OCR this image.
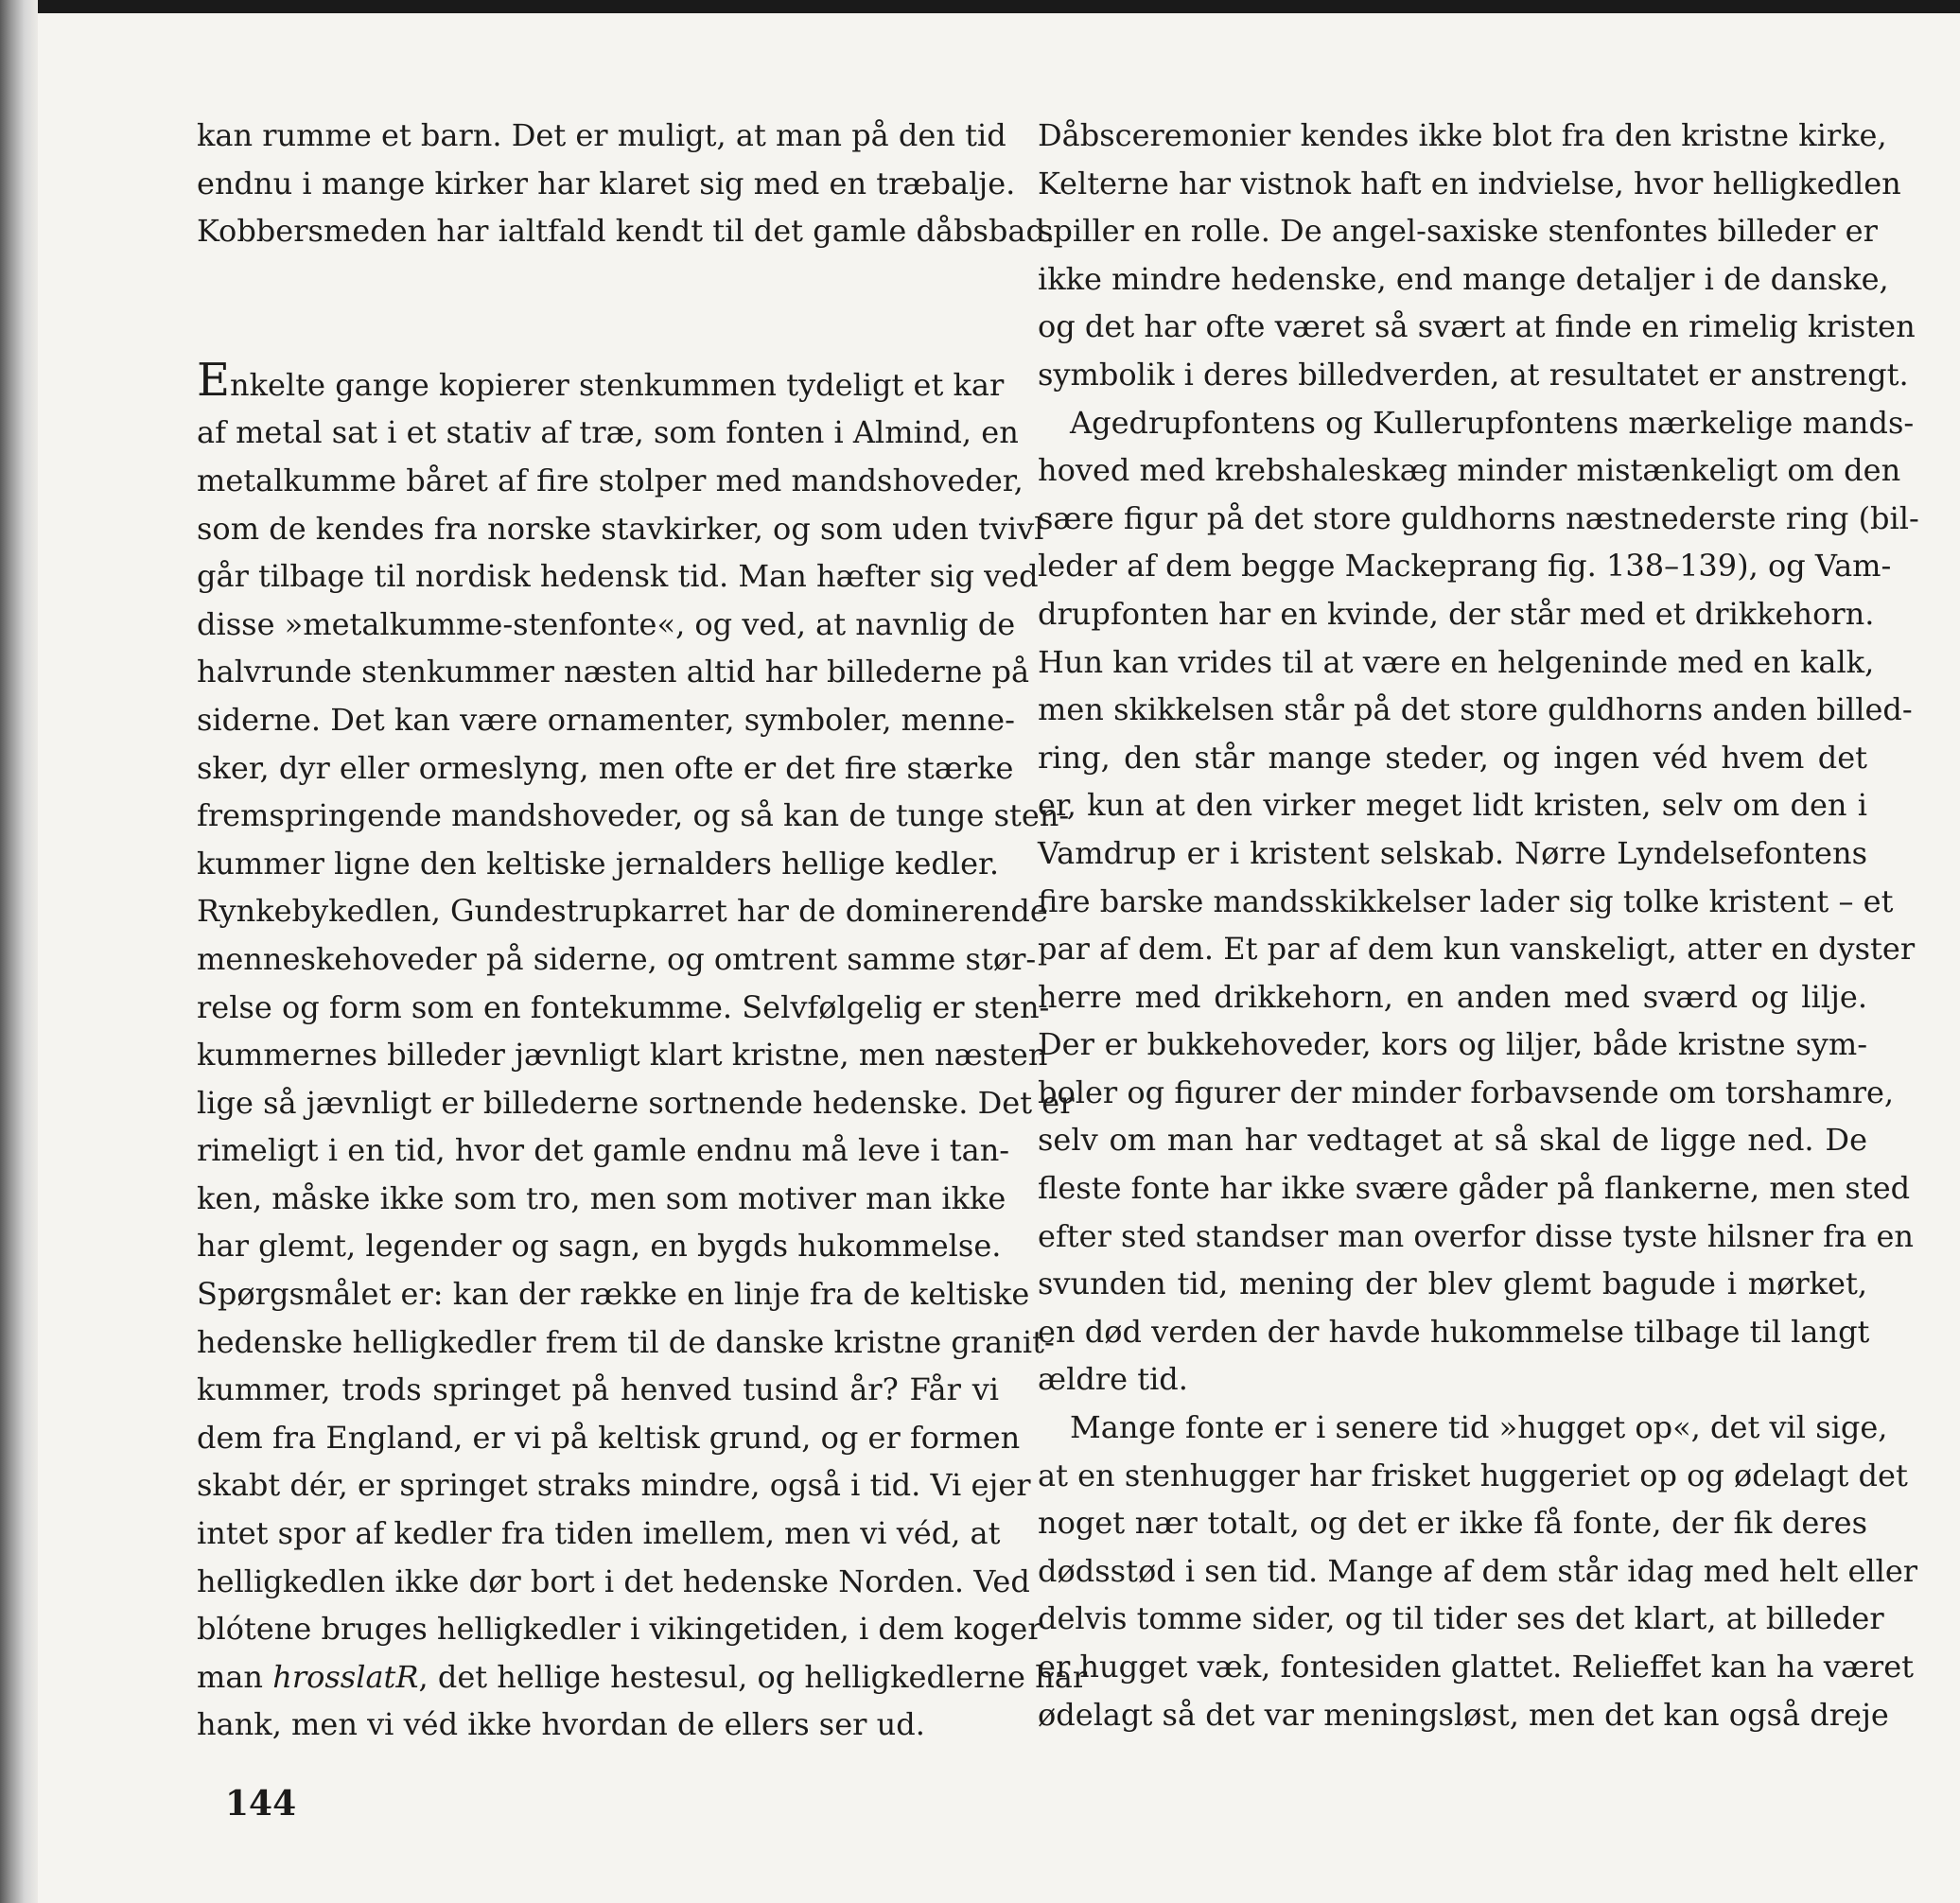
kan rumme et barn. Det er muligt, at man på den tid
endnu i mange kirker har klaret sig med en træbalje.
Kobbersmeden har ialtfald kendt til det gamle dåbsbad.
Enkelte gange kopierer stenkummen tydeligt et kar
af metal sat i et stativ af træ, som fonten i Almind, en
metalkumme båret af fire stolper med mandshoveder,
som de kendes fra norske stavkirker, og som uden tvivl
går tilbage til nordisk hedensk tid. Man hæfter sig ved
disse »metalkumme-stenfonte«, og ved, at navnlig de
halvrunde stenkummer næsten altid har billederne på
siderne. Det kan være ornamenter, symboler, menne-
sker, dyr eller ormeslyng, men ofte er det fire stærke
fremspringende mandshoveder, og så kan de tunge sten-
kummer ligne den keltiske jernalders hellige kedler.
Rynkebykedlen, Gundestrupkarret har de dominerende
menneskehoveder på siderne, og omtrent samme stør-
relse og form som en fontekumme. Selvfølgelig er sten-
kummernes billeder jævnligt klart kristne, men næsten
lige så jævnligt er billederne sortnende hedenske. Det er
rimeligt i en tid, hvor det gamle endnu må leve i tan-
ken, måske ikke som tro, men som motiver man ikke
har glemt, legender og sagn, en bygds hukommelse.
Spørgsmålet er: kan der række en linje fra de keltiske
hedenske helligkedler frem til de danske kristne granit-
kummer, trods springet på henved tusind år? Får vi
dem fra England, er vi på keltisk grund, og er formen
skabt dér, er springet straks mindre, også i tid. Vi ejer
intet spor af kedler fra tiden imellem, men vi véd, at
helligkedlen ikke dør bort i det hedenske Norden. Ved
blótene bruges helligkedler i vikingetiden, i dem koger
man hrosslatR, det hellige hestesul, og helligkedlerne har
hank, men vi véd ikke hvordan de ellers ser ud.
Dåbsceremonier kendes ikke blot fra den kristne kirke,
Kelterne har vistnok haft en indvielse, hvor helligkedlen
spiller en rolle. De angel-saxiske stenfontes billeder er
ikke mindre hedenske, end mange detaljer i de danske,
og det har ofte været så svært at finde en rimelig kristen
symbolik i deres billedverden, at resultatet er anstrengt.
Agedrupfontens og Kullerupfontens mærkelige mands-
hoved med krebshaleskæg minder mistænkeligt om den
sære figur på det store guldhorns næstnederste ring (bil-
leder af dem begge Mackeprang fig. 138–139), og Vam-
drupfonten har en kvinde, der står med et drikkehorn.
Hun kan vrides til at være en helgeninde med en kalk,
men skikkelsen står på det store guldhorns anden billed-
ring, den står mange steder, og ingen véd hvem det
er, kun at den virker meget lidt kristen, selv om den i
Vamdrup er i kristent selskab. Nørre Lyndelsefontens
fire barske mandsskikkelser lader sig tolke kristent – et
par af dem. Et par af dem kun vanskeligt, atter en dyster
herre med drikkehorn, en anden med sværd og lilje.
Der er bukkehoveder, kors og liljer, både kristne sym-
boler og figurer der minder forbavsende om torshamre,
selv om man har vedtaget at så skal de ligge ned. De
fleste fonte har ikke svære gåder på flankerne, men sted
efter sted standser man overfor disse tyste hilsner fra en
svunden tid, mening der blev glemt bagude i mørket,
en død verden der havde hukommelse tilbage til langt
ældre tid.
Mange fonte er i senere tid »hugget op«, det vil sige,
at en stenhugger har frisket huggeriet op og ødelagt det
noget nær totalt, og det er ikke få fonte, der fik deres
dødsstød i sen tid. Mange af dem står idag med helt eller
delvis tomme sider, og til tider ses det klart, at billeder
er hugget væk, fontesiden glattet. Relieffet kan ha været
ødelagt så det var meningsløst, men det kan også dreje
144
